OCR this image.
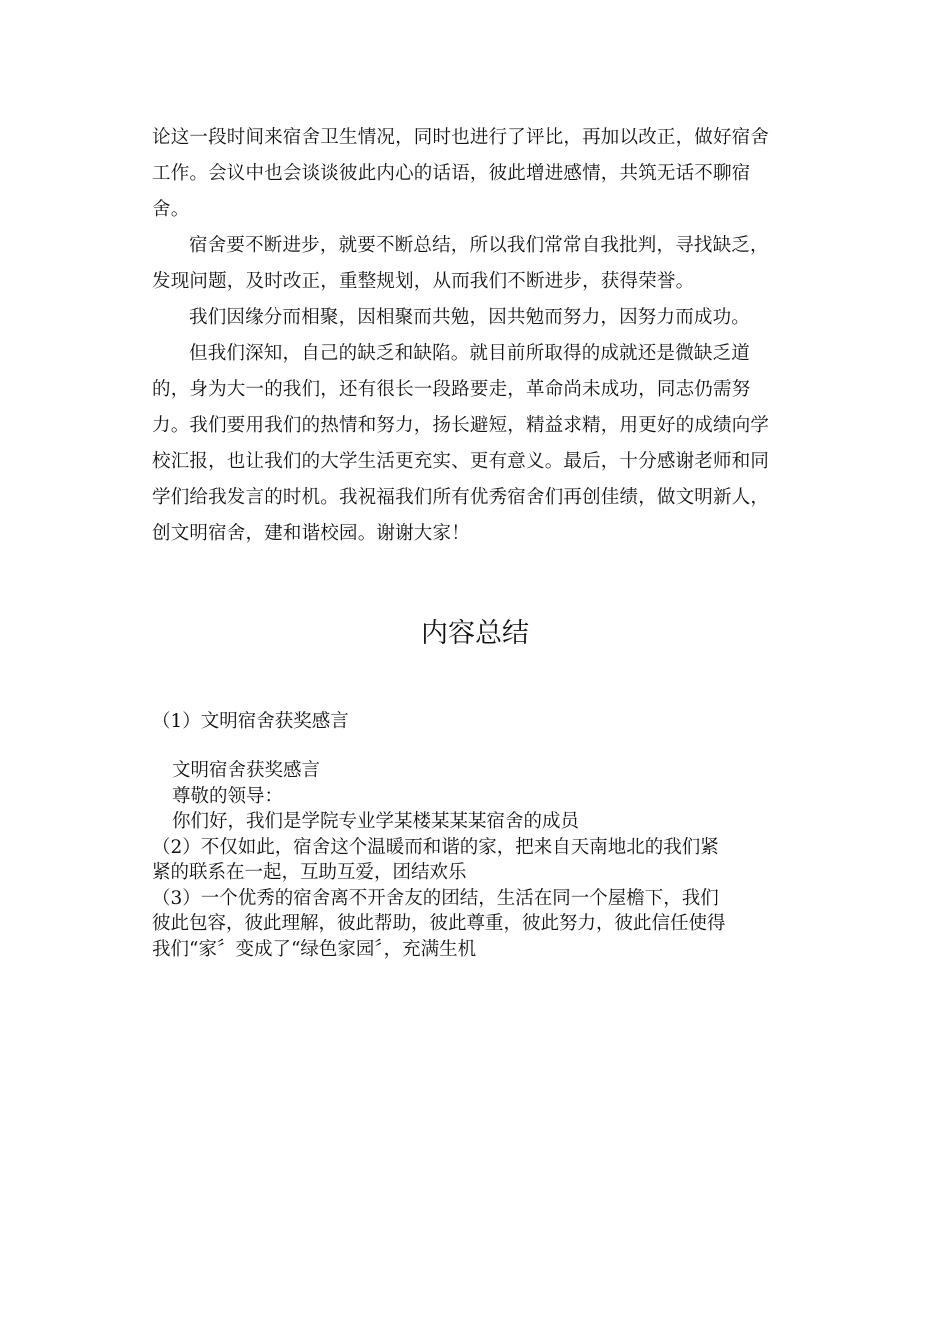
论这一段时间来宿舍卫生情况，同时也进行了评比，再加以改正，做好宿舍
工作。会议中也会谈谈彼此内心的话语，彼此增进感情，共筑无话不聊宿
舍。

宿舍要不断进步，就要不断总结，所以我们常常自我批判，寻找缺乏，
发现问题，及时改正，重整规划，从而我们不断进步，获得荣誉。

我们因缘分而相聚，因相聚而共勉，因共勉而努力，因努力而成功。

但我们深知，自己的缺乏和缺陷。就目前所取得的成就还是微缺乏道
的，身为大一的我们，还有很长一段路要走，革命尚未成功，同志仍需努
力。我们要用我们的热情和努力，扬长避短，精益求精，用更好的成绩向学
校汇报，也让我们的大学生活更充实、更有意义。最后，十分感谢老师和同
学们给我发言的时机。我祝福我们所有优秀宿舍们再创佳绩，做文明新人，
创文明宿舍，建和谐校园。谢谢大家！

内容总结
（1）文明宿舍获奖感言
文明宿舍获奖感言
尊敬的领导：
你们好，我们是学院专业学某楼某某某宿舍的成员
（2）不仅如此，宿舍这个温暖而和谐的家，把来自天南地北的我们紧
紧的联系在一起，互助互爱，团结欢乐
（3）一个优秀的宿舍离不开舍友的团结，生活在同一个屋檐下，我们
彼此包容，彼此理解，彼此帮助，彼此尊重，彼此努力，彼此信任使得
我们“家〞变成了“绿色家园〞，充满生机
